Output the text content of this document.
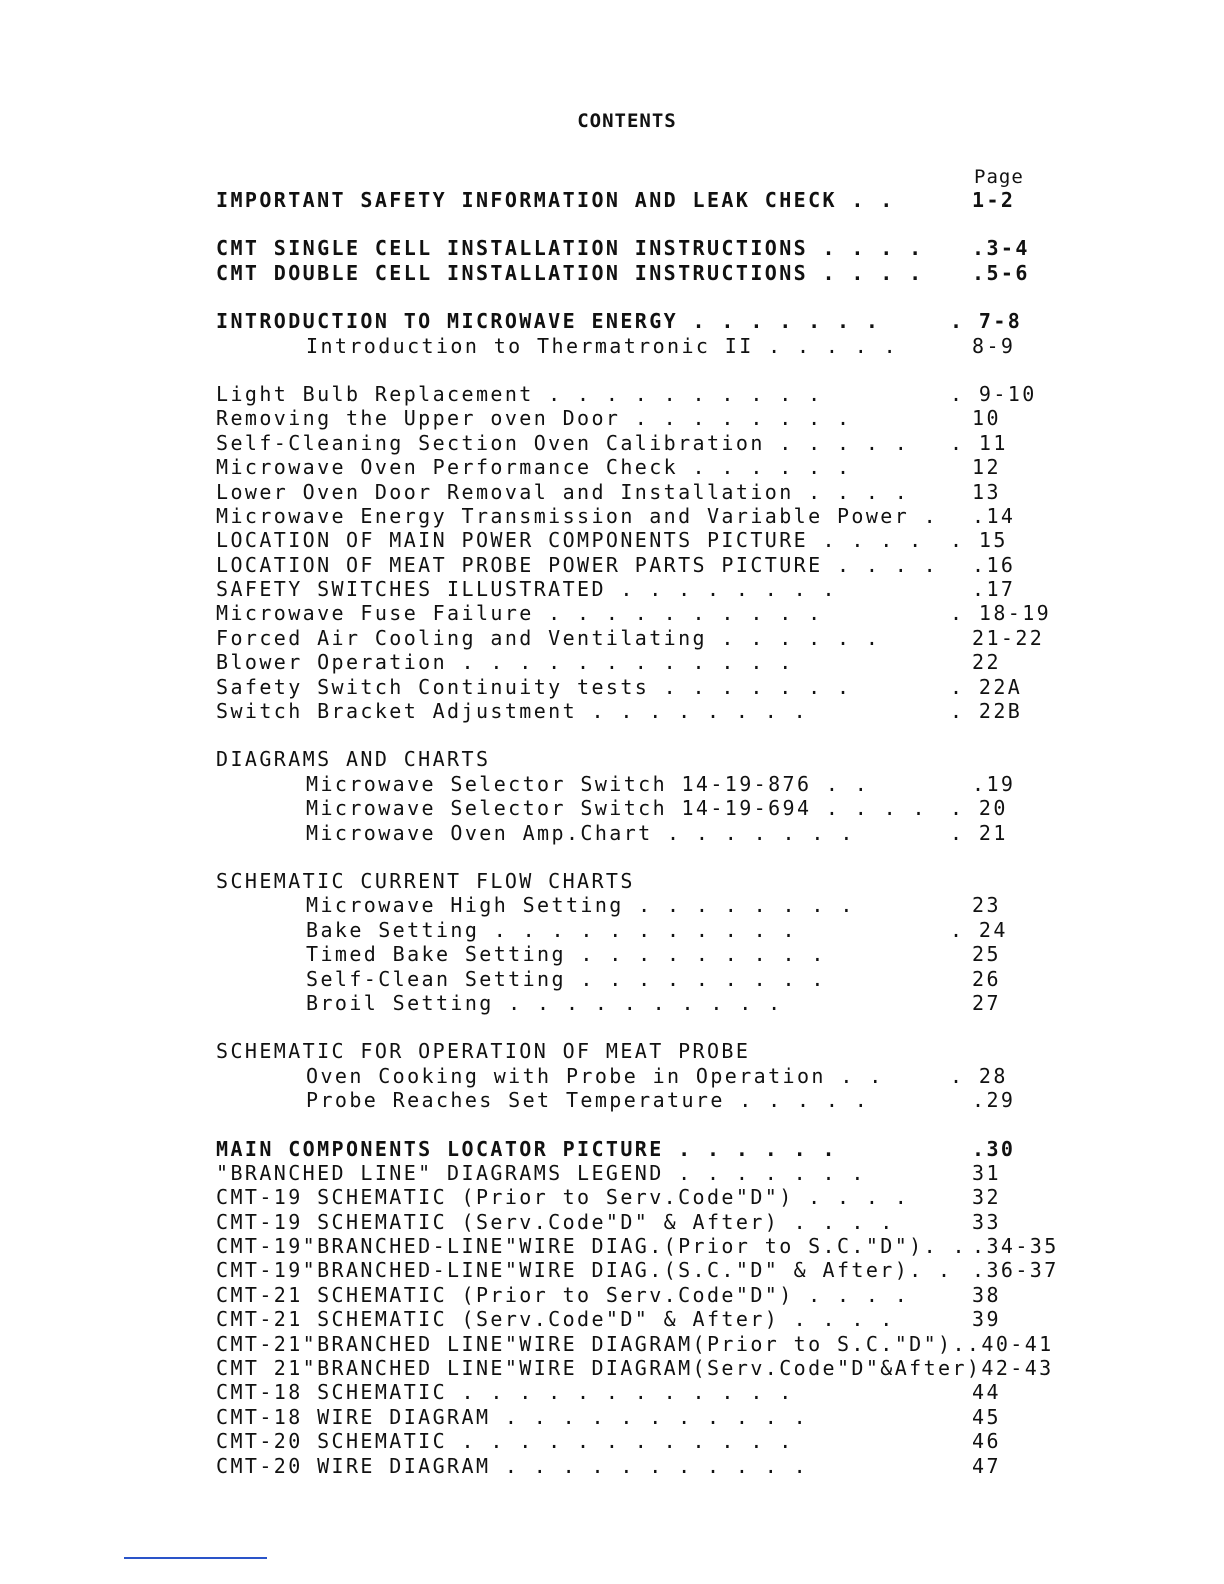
CONTENTS
Page
IMPORTANT SAFETY INFORMATION AND LEAK CHECK . .	1-2
CMT SINGLE CELL INSTALLATION INSTRUCTIONS . . . . .3-4
CMT DOUBLE CELL INSTALLATION INSTRUCTIONS . . . . .5-6
INTRODUCTION TO MICROWAVE ENERGY . . . . . . .	. 7-8
Introduction to Thermatronic II . . . . .	8-9
Light Bulb Replacement . . . . . . . . . .	. 9-10
Removing the Upper oven Door . . . . . . . .	10
Self-Cleaning Section Oven Calibration . . . . . . 11
Microwave Oven Performance Check . . . . . .	12
Lower Oven Door Removal and Installation . . . .	13
Microwave Energy Transmission and Variable Power . .14
LOCATION OF MAIN POWER COMPONENTS PICTURE . . . . . 15
LOCATION OF MEAT PROBE POWER PARTS PICTURE . . . . .16
SAFETY SWITCHES ILLUSTRATED . . . . . . . .	.17
Microwave Fuse Failure . . . . . . . . . .	. 18-19
Forced Air Cooling and Ventilating . . . . . .	21-22
Blower Operation . . . . . . . . . . . .	22
Safety Switch Continuity tests . . . . . . .	. 22A
Switch Bracket Adjustment . . . . . . . .	. 22B
DIAGRAMS AND CHARTS
Microwave Selector Switch 14-19-876 . .	.19
Microwave Selector Switch 14-19-694 . . . . . 20
Microwave Oven Amp.Chart . . . . . . .	. 21
SCHEMATIC CURRENT FLOW CHARTS
Microwave High Setting . . . . . . . .	23
Bake Setting . . . . . . . . . . .	. 24
Timed Bake Setting . . . . . . . . .	25
Self-Clean Setting . . . . . . . . .	26
Broil Setting . . . . . . . . . .	27
SCHEMATIC FOR OPERATION OF MEAT PROBE
Oven Cooking with Probe in Operation . .	. 28
Probe Reaches Set Temperature . . . . .	.29
MAIN COMPONENTS LOCATOR PICTURE . . . . . .	.30
"BRANCHED LINE" DIAGRAMS LEGEND . . . . . . .	31
CMT-19 SCHEMATIC (Prior to Serv.Code"D") . . . .	32
CMT-19 SCHEMATIC (Serv.Code"D" & After) . . . .	33
CMT-19"BRANCHED-LINE"WIRE DIAG.(Prior to S.C."D"). . .34-35
CMT-19"BRANCHED-LINE"WIRE DIAG.(S.C."D" & After). . .36-37
CMT-21 SCHEMATIC (Prior to Serv.Code"D") . . . .	38
CMT-21 SCHEMATIC (Serv.Code"D" & After) . . . .	39
CMT-21"BRANCHED LINE"WIRE DIAGRAM(Prior to S.C."D")..40-41
CMT 21"BRANCHED LINE"WIRE DIAGRAM(Serv.Code"D"&After)42-43
CMT-18 SCHEMATIC . . . . . . . . . . . .	44
CMT-18 WIRE DIAGRAM . . . . . . . . . . .	45
CMT-20 SCHEMATIC . . . . . . . . . . . .	46
CMT-20 WIRE DIAGRAM . . . . . . . . . . .	47
